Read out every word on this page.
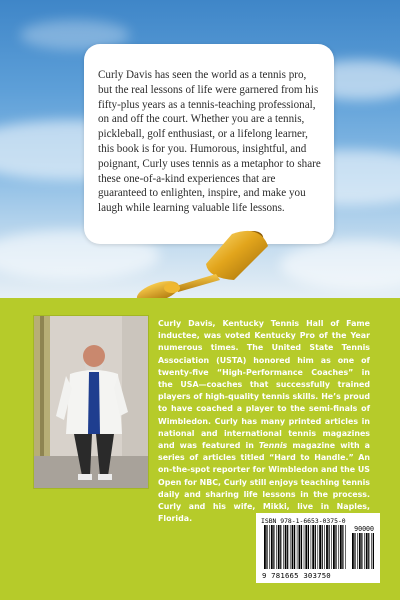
Curly Davis has seen the world as a tennis pro, but the real lessons of life were garnered from his fifty-plus years as a tennis-teaching professional, on and off the court. Whether you are a tennis, pickleball, golf enthusiast, or a lifelong learner, this book is for you. Humorous, insightful, and poignant, Curly uses tennis as a metaphor to share these one-of-a-kind experiences that are guaranteed to enlighten, inspire, and make you laugh while learning valuable life lessons.

Curly Davis, Kentucky Tennis Hall of Fame inductee, was voted Kentucky Pro of the Year numerous times. The United State Tennis Association (USTA) honored him as one of twenty-five “High-Performance Coaches” in the USA—coaches that successfully trained players of high-quality tennis skills. He’s proud to have coached a player to the semi-finals of Wimbledon. Curly has many printed articles in national and international tennis magazines and was featured in Tennis magazine with a series of articles titled “Hard to Handle.” An on-the-spot reporter for Wimbledon and the US Open for NBC, Curly still enjoys teaching tennis daily and sharing life lessons in the process. Curly and his wife, Mikki, live in Naples, Florida.	ISBN 978-1-6653-0375-0

90000
9 781665 303750
